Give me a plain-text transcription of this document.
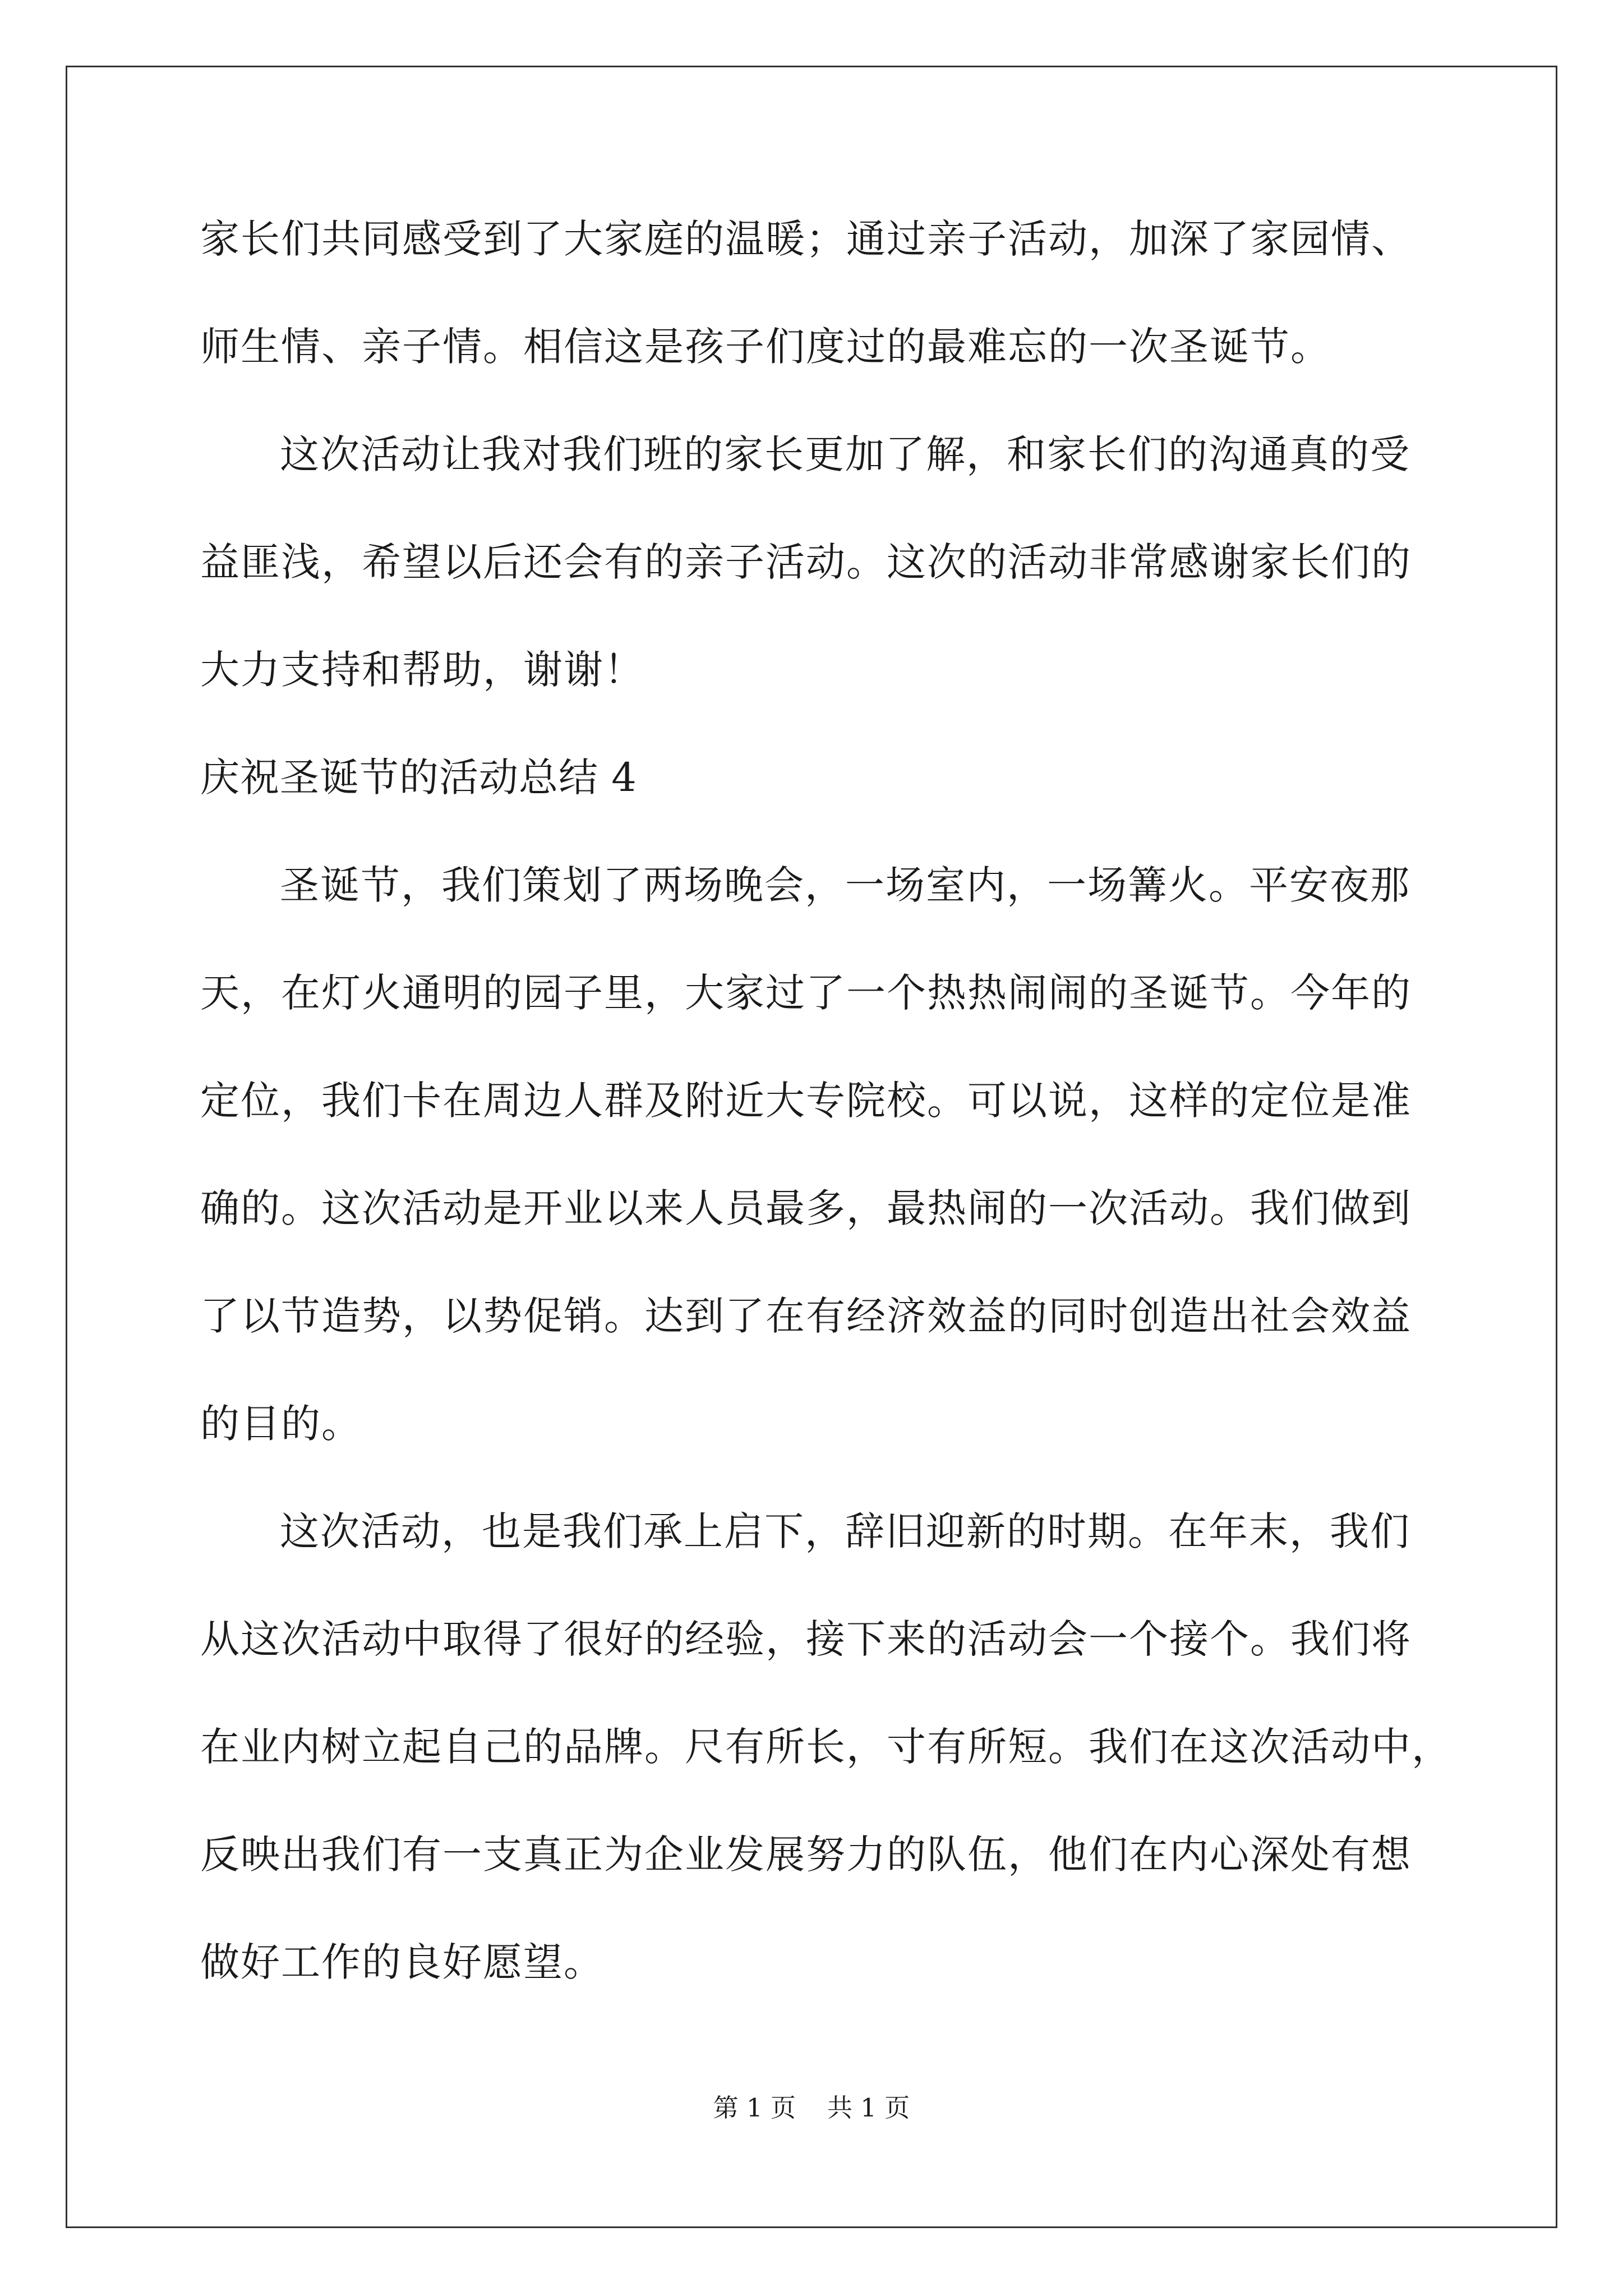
家长们共同感受到了大家庭的温暖；通过亲子活动，加深了家园情、
师生情、亲子情。相信这是孩子们度过的最难忘的一次圣诞节。
这次活动让我对我们班的家长更加了解，和家长们的沟通真的受
益匪浅，希望以后还会有的亲子活动。这次的活动非常感谢家长们的
大力支持和帮助，谢谢！
庆祝圣诞节的活动总结 4
圣诞节，我们策划了两场晚会，一场室内，一场篝火。平安夜那
天，在灯火通明的园子里，大家过了一个热热闹闹的圣诞节。今年的
定位，我们卡在周边人群及附近大专院校。可以说，这样的定位是准
确的。这次活动是开业以来人员最多，最热闹的一次活动。我们做到
了以节造势，以势促销。达到了在有经济效益的同时创造出社会效益
的目的。
这次活动，也是我们承上启下，辞旧迎新的时期。在年末，我们
从这次活动中取得了很好的经验，接下来的活动会一个接个。我们将
在业内树立起自己的品牌。尺有所长，寸有所短。我们在这次活动中，
反映出我们有一支真正为企业发展努力的队伍，他们在内心深处有想
做好工作的良好愿望。
第 1 页 共 1 页
